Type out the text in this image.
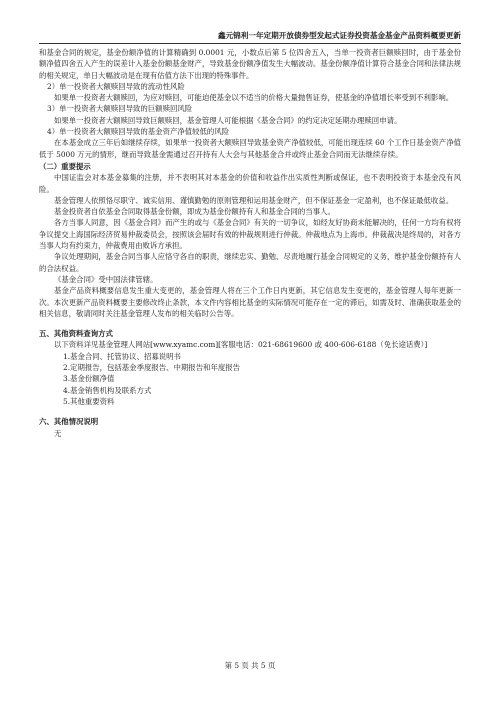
鑫元锦利一年定期开放债券型发起式证券投资基金基金产品资料概要更新

和基金合同的规定，基金份额净值的计算精确到 0.0001 元，小数点后第 5 位四舍五入，当单一投资者巨额赎回时，由于基金份额净值四舍五入产生的误差计入基金份额基金财产，导致基金份额净值发生大幅波动。基金份额净值计算符合基金合同和法律法规的相关规定，单日大幅波动是在现有估值方法下出现的特殊事件。

2）单一投资者大额赎回导致的流动性风险

如果单一投资者大额赎回，为应对赎回，可能迫使基金以不适当的价格大量抛售证券，使基金的净值增长率受到不利影响。

3）单一投资者大额赎回导致的巨额赎回风险

如果单一投资者大额赎回导致巨额赎回，基金管理人可能根据《基金合同》的约定决定延期办理赎回申请。

4）单一投资者大额赎回导致的基金资产净值较低的风险

在本基金成立三年后如继续存续，如果单一投资者大额赎回导致基金资产净值较低，可能出现连续 60 个工作日基金资产净值低于 5000 万元的情形，继而导致基金需通过召开持有人大会与其他基金合并或终止基金合同而无法继续存续。

（二）重要提示

中国证监会对本基金募集的注册，并不表明其对本基金的价值和收益作出实质性判断或保证，也不表明投资于本基金没有风险。

基金管理人依照恪尽职守、诚实信用、谨慎勤勉的原则管理和运用基金财产，但不保证基金一定盈利，也不保证最低收益。

基金投资者自依基金合同取得基金份额，即成为基金份额持有人和基金合同的当事人。

各方当事人同意，因《基金合同》而产生的或与《基金合同》有关的一切争议，如经友好协商未能解决的，任何一方均有权将争议提交上海国际经济贸易仲裁委员会，按照该会届时有效的仲裁规则进行仲裁。仲裁地点为上海市。仲裁裁决是终局的，对各方当事人均有约束力，仲裁费用由败诉方承担。

争议处理期间，基金合同当事人应恪守各自的职责，继续忠实、勤勉、尽责地履行基金合同规定的义务，维护基金份额持有人的合法权益。

《基金合同》受中国法律管辖。

基金产品资料概要信息发生重大变更的，基金管理人将在三个工作日内更新，其它信息发生变更的，基金管理人每年更新一次。本次更新产品资料概要主要修改终止条款，本文件内容相比基金的实际情况可能存在一定的滞后，如需及时、准确获取基金的相关信息，敬请同时关注基金管理人发布的相关临时公告等。

五、其他资料查询方式

以下资料详见基金管理人网站[www.xyamc.com][客服电话：021-68619600 或 400-606-6188（免长途话费）]

1.基金合同、托管协议、招募说明书

2.定期报告，包括基金季度报告、中期报告和年度报告

3.基金份额净值

4.基金销售机构及联系方式

5.其他重要资料

六、其他情况说明

无

第 5 页 共 5 页
